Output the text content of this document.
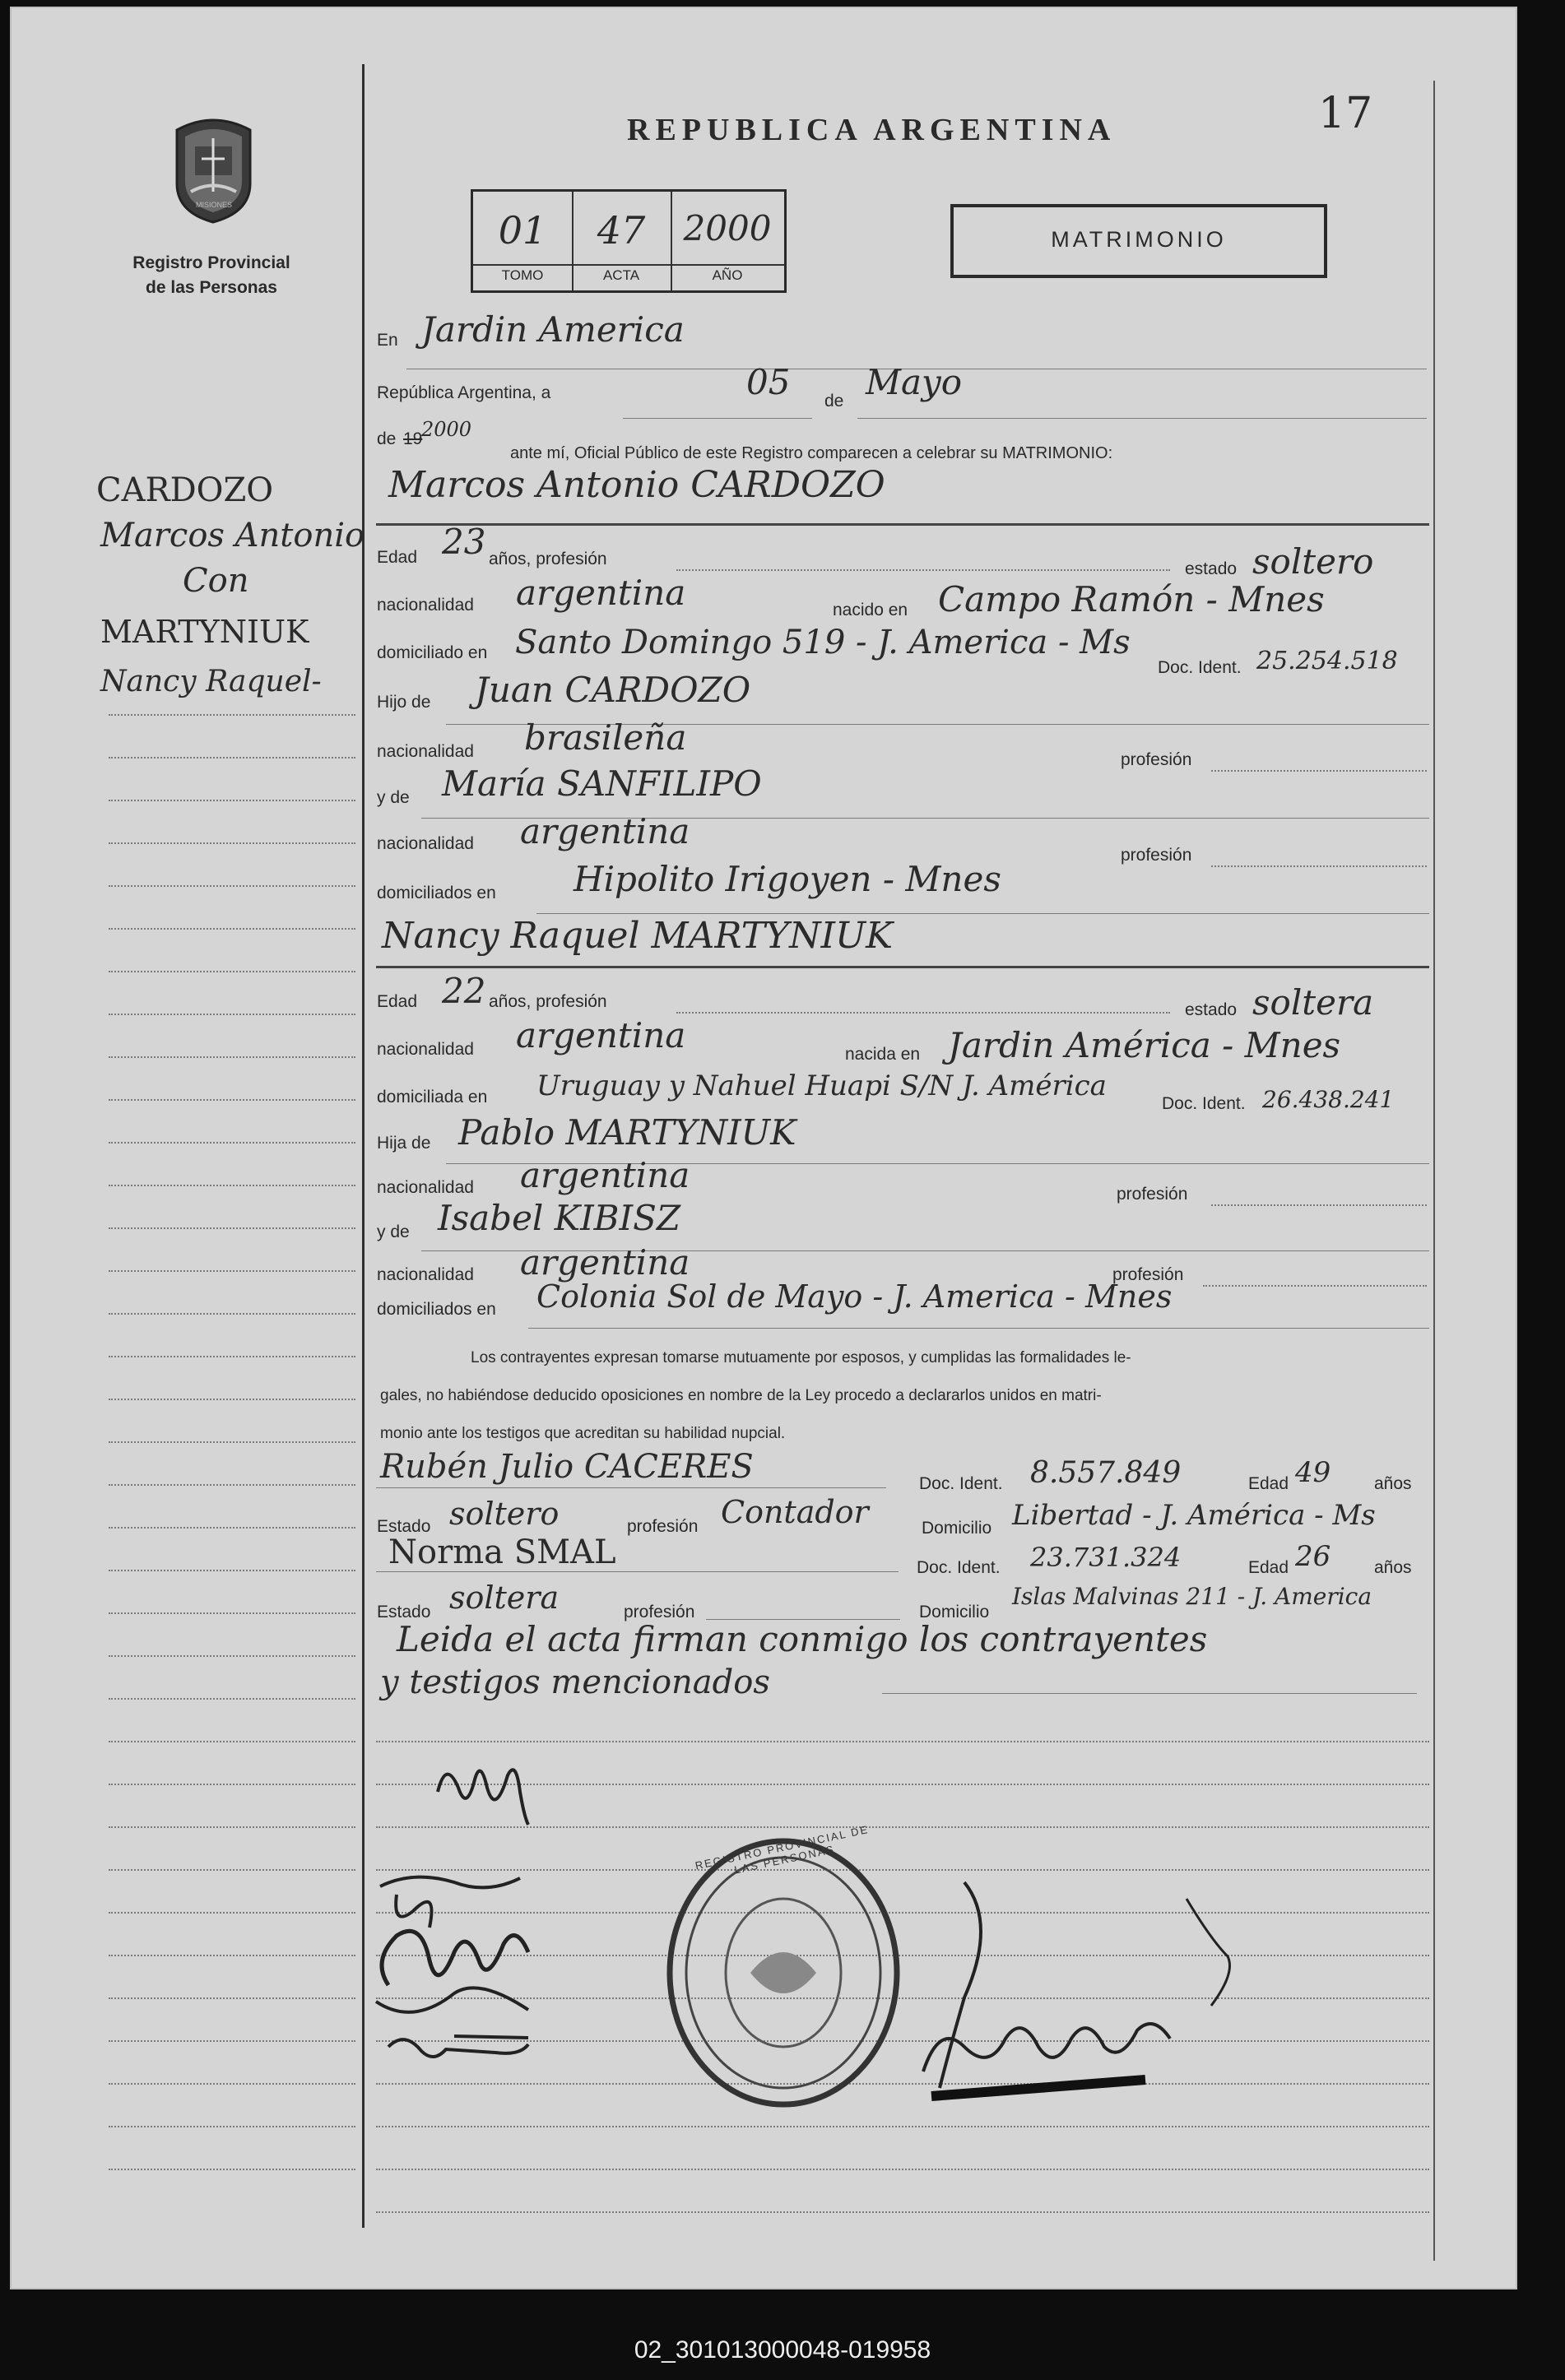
MISIONES
Registro Provincial
de las Personas
REPUBLICA ARGENTINA	17
01	47	2000
TOMO	ACTA	AÑO
MATRIMONIO
CARDOZO
Marcos Antonio
Con
MARTYNIUK
Nancy Raquel-
En Jardin America
República Argentina, a	05 de Mayo
de 19
2000
ante mí, Oficial Público de este Registro comparecen a celebrar su MATRIMONIO:
Marcos Antonio CARDOZO
Edad 23 años, profesión
estado soltero
nacionalidad argentina	nacido en Campo Ramón - Mnes
domiciliado en Santo Domingo 519 - J. America - Ms
Doc. Ident. 25.254.518
Hijo de Juan CARDOZO
nacionalidad brasileña
profesión
y de María SANFILIPO
nacionalidad argentina
profesión
domiciliados en Hipolito Irigoyen - Mnes
Nancy Raquel MARTYNIUK
Edad 22 años, profesión	estado soltera
nacionalidad argentina	nacida en Jardin América - Mnes
domiciliada en Uruguay y Nahuel Huapi S/N J. América
Doc. Ident. 26.438.241
Hija de Pablo MARTYNIUK
nacionalidad argentina	profesión
y de Isabel KIBISZ
nacionalidad argentina	profesión
domiciliados en Colonia Sol de Mayo - J. America - Mnes
Los contrayentes expresan tomarse mutuamente por esposos, y cumplidas las formalidades le-
gales, no habiéndose deducido oposiciones en nombre de la Ley procedo a declararlos unidos en matri-
monio ante los testigos que acreditan su habilidad nupcial.
Rubén Julio CACERES	Doc. Ident. 8.557.849	Edad 49	años
Estado soltero	profesión Contador	Domicilio Libertad - J. América - Ms
Norma SMAL	Doc. Ident. 23.731.324	Edad 26	años
Estado soltera	profesión	Domicilio
Islas Malvinas 211 - J. America
Leida el acta firman conmigo los contrayentes
y testigos mencionados
REGISTRO PROVINCIAL DE LAS PERSONAS
02_301013000048-019958
